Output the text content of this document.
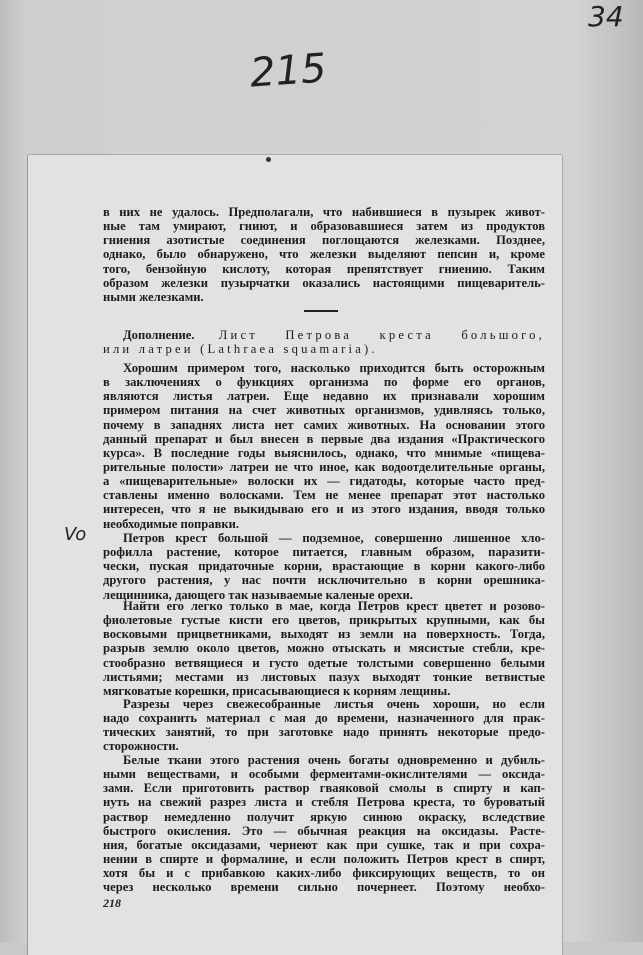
215
34
Vo
в них не удалось. Предполагали, что набившиеся в пузырек живот-
ные там умирают, гниют, и образовавшиеся затем из продуктов
гниения азотистые соединения поглощаются железками. Позднее,
однако, было обнаружено, что железки выделяют пепсин и, кроме
того, бензойную кислоту, которая препятствует гниению. Таким
образом железки пузырчатки оказались настоящими пищеваритель-
ными железками.
Дополнение. Лист Петрова креста большого,
или латреи (Lathraea squamaria).
Хорошим примером того, насколько приходится быть осторожным
в заключениях о функциях организма по форме его органов,
являются листья латреи. Еще недавно их признавали хорошим
примером питания на счет животных организмов, удивляясь только,
почему в западнях листа нет самих животных. На основании этого
данный препарат и был внесен в первые два издания «Практического
курса». В последние годы выяснилось, однако, что мнимые «пищева-
рительные полости» латреи не что иное, как водоотделительные органы,
а «пищеварительные» волоски их — гидатоды, которые часто пред-
ставлены именно волосками. Тем не менее препарат этот настолько
интересен, что я не выкидываю его и из этого издания, вводя только
необходимые поправки.
Петров крест большой — подземное, совершенно лишенное хло-
рофилла растение, которое питается, главным образом, паразити-
чески, пуская придаточные корни, врастающие в корни какого-либо
другого растения, у нас почти исключительно в корни орешника-
лещинника, дающего так называемые каленые орехи.
Найти его легко только в мае, когда Петров крест цветет и розово-
фиолетовые густые кисти его цветов, прикрытых крупными, как бы
восковыми прицветниками, выходят из земли на поверхность. Тогда,
разрыв землю около цветов, можно отыскать и мясистые стебли, кре-
стообразно ветвящиеся и густо одетые толстыми совершенно белыми
листьями; местами из листовых пазух выходят тонкие ветвистые
мягковатые корешки, присасывающиеся к корням лещины.
Разрезы через свежесобранные листья очень хороши, но если
надо сохранить материал с мая до времени, назначенного для прак-
тических занятий, то при заготовке надо принять некоторые предо-
сторожности.
Белые ткани этого растения очень богаты одновременно и дубиль-
ными веществами, и особыми ферментами-окислителями — оксида-
зами. Если приготовить раствор гваяковой смолы в спирту и кап-
нуть на свежий разрез листа и стебля Петрова креста, то буроватый
раствор немедленно получит яркую синюю окраску, вследствие
быстрого окисления. Это — обычная реакция на оксидазы. Расте-
ния, богатые оксидазами, чернеют как при сушке, так и при сохра-
нении в спирте и формалине, и если положить Петров крест в спирт,
хотя бы и с прибавкою каких-либо фиксирующих веществ, то он
через несколько времени сильно почернеет. Поэтому необхо-
218
